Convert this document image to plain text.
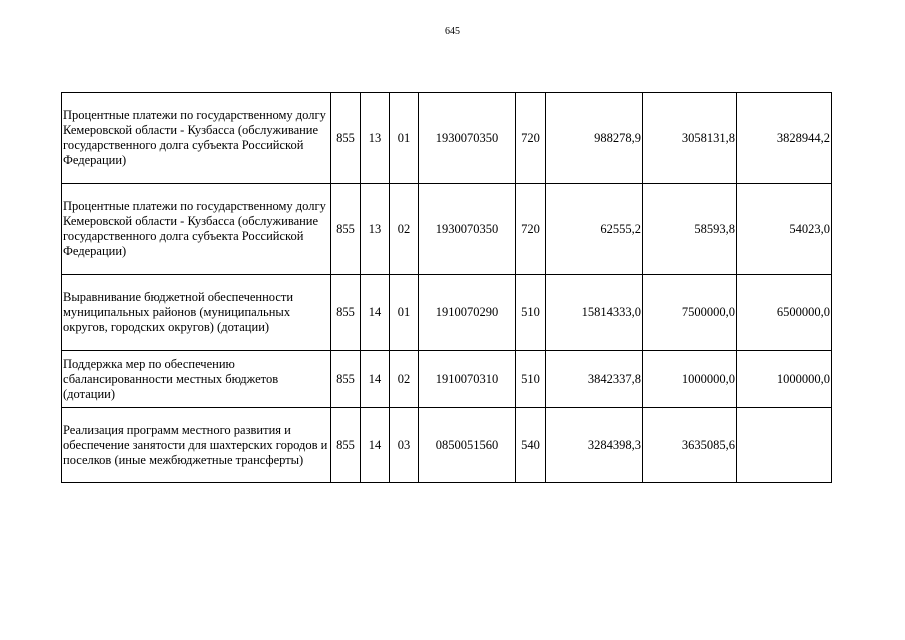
645
Процентные платежи по государственному долгу Кемеровской области - Кузбасса (обслуживание государственного долга субъекта Российской Федерации)	855	13	01	1930070350	720	988278,9	3058131,8	3828944,2
Процентные платежи по государственному долгу Кемеровской области - Кузбасса (обслуживание государственного долга субъекта Российской Федерации)	855	13	02	1930070350	720	62555,2	58593,8	54023,0
Выравнивание бюджетной обеспеченности муниципальных районов (муниципальных округов, городских округов) (дотации)	855	14	01	1910070290	510	15814333,0	7500000,0	6500000,0
Поддержка мер по обеспечению сбалансированности местных бюджетов (дотации)	855	14	02	1910070310	510	3842337,8	1000000,0	1000000,0
Реализация программ местного развития и обеспечение занятости для шахтерских городов и поселков (иные межбюджетные трансферты)	855	14	03	0850051560	540	3284398,3	3635085,6	
